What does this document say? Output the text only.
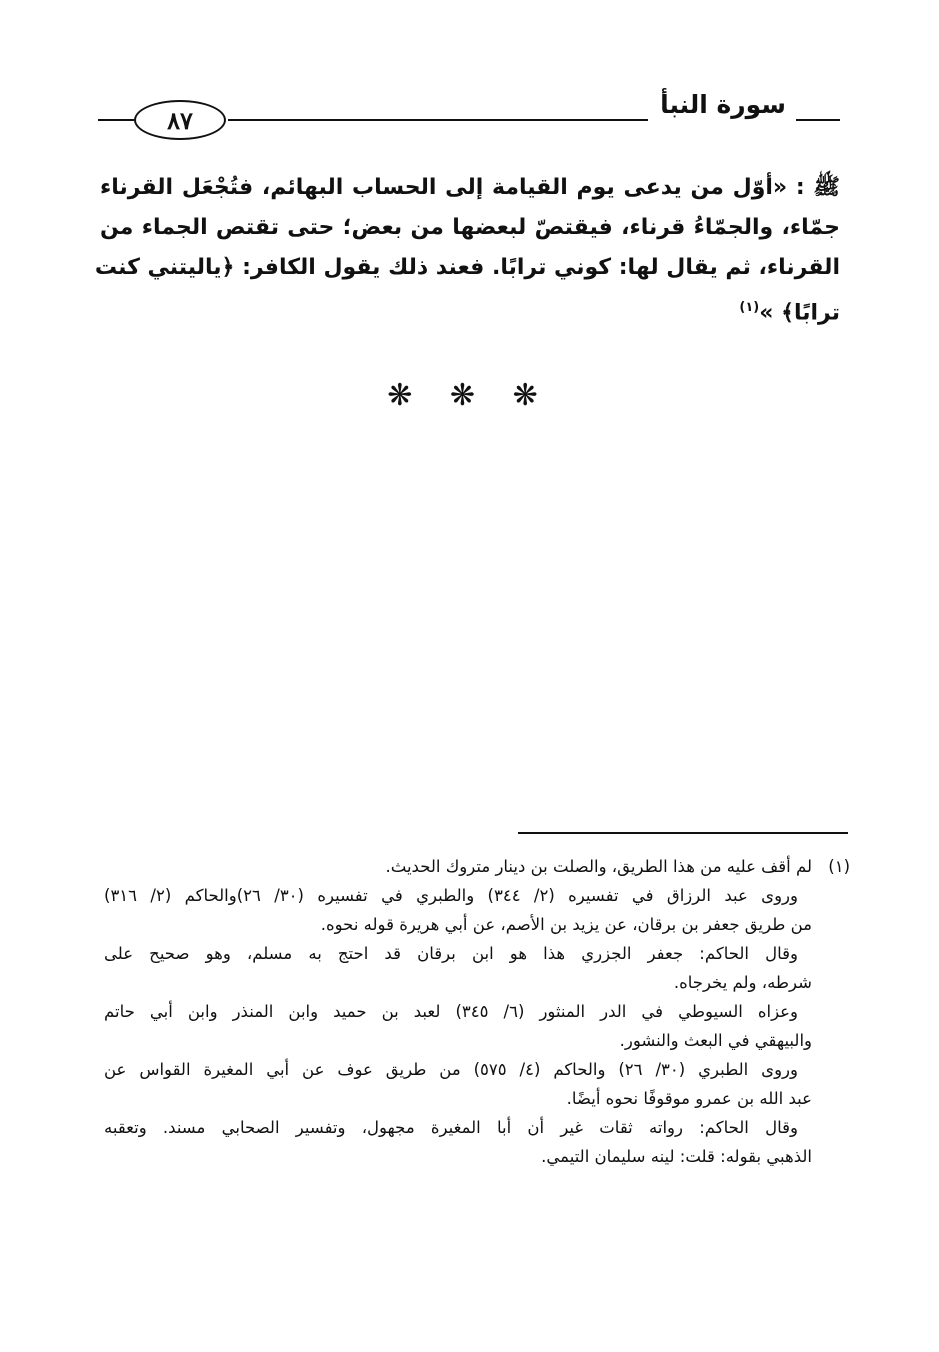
٨٧
سورة النبأ
ﷺ : «أوّل من يدعى يوم القيامة إلى الحساب البهائم، فتُجْعَل القرناء
جمّاء، والجمّاءُ قرناء، فيقتصّ لبعضها من بعض؛ حتى تقتص الجماء من
القرناء، ثم يقال لها: كوني ترابًا. فعند ذلك يقول الكافر: ﴿ياليتني كنت
ترابًا﴾ »$^{(١)}$
❋ ❋ ❋
(١)
لم أقف عليه من هذا الطريق، والصلت بن دينار متروك الحديث.
وروى عبد الرزاق في تفسيره (٢/ ٣٤٤) والطبري في تفسيره (٣٠/ ٢٦)والحاكم (٢/ ٣١٦)
من طريق جعفر بن برقان، عن يزيد بن الأصم، عن أبي هريرة قوله نحوه.
وقال الحاكم: جعفر الجزري هذا هو ابن برقان قد احتج به مسلم، وهو صحيح على
شرطه، ولم يخرجاه.
وعزاه السيوطي في الدر المنثور (٦/ ٣٤٥) لعبد بن حميد وابن المنذر وابن أبي حاتم
والبيهقي في البعث والنشور.
وروى الطبري (٣٠/ ٢٦) والحاكم (٤/ ٥٧٥) من طريق عوف عن أبي المغيرة القواس عن
عبد الله بن عمرو موقوفًا نحوه أيضًا.
وقال الحاكم: رواته ثقات غير أن أبا المغيرة مجهول، وتفسير الصحابي مسند. وتعقبه
الذهبي بقوله: قلت: لينه سليمان التيمي.
